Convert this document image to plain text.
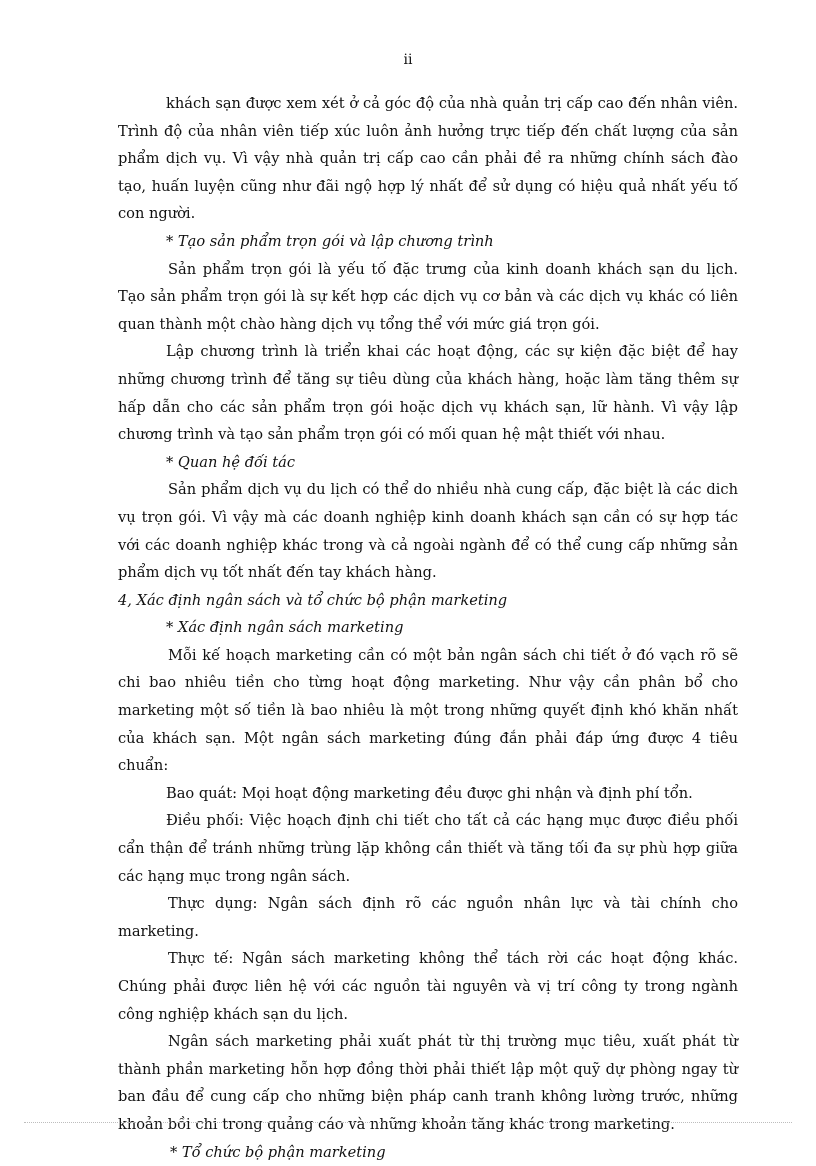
ii

khách sạn được xem xét ở cả góc độ của nhà quản trị cấp cao đến nhân viên. Trình độ của nhân viên tiếp xúc luôn ảnh hưởng trực tiếp đến chất lượng của sản phẩm dịch vụ. Vì vậy nhà quản trị cấp cao cần phải đề ra những chính sách đào tạo, huấn luyện cũng như đãi ngộ hợp lý nhất để sử dụng có hiệu quả nhất yếu tố con người.

* Tạo sản phẩm trọn gói và lập chương trình

Sản phẩm trọn gói là yếu tố đặc trưng của kinh doanh khách sạn du lịch. Tạo sản phẩm trọn gói là sự kết hợp các dịch vụ cơ bản và các dịch vụ khác có liên quan thành một chào hàng dịch vụ tổng thể với mức giá trọn gói.

Lập chương trình là triển khai các hoạt động, các sự kiện đặc biệt để hay những chương trình để tăng sự tiêu dùng của khách hàng, hoặc làm tăng thêm sự hấp dẫn cho các sản phẩm trọn gói hoặc dịch vụ khách sạn, lữ hành. Vì vậy lập chương trình và tạo sản phẩm trọn gói có mối quan hệ mật thiết với nhau.

* Quan hệ đối tác

Sản phẩm dịch vụ du lịch có thể do nhiều nhà cung cấp, đặc biệt là các dich vụ trọn gói. Vì vậy mà các doanh nghiệp kinh doanh khách sạn cần có sự hợp tác với các doanh nghiệp khác trong và cả ngoài ngành để có thể cung cấp những sản phẩm dịch vụ tốt nhất đến tay khách hàng.

4, Xác định ngân sách và tổ chức bộ phận marketing

* Xác định ngân sách marketing

Mỗi kế hoạch marketing cần có một bản ngân sách chi tiết ở đó vạch rõ sẽ chi bao nhiêu tiền cho từng hoạt động marketing. Như vậy cần phân bổ cho marketing một số tiền là bao nhiêu là một trong những quyết định khó khăn nhất của khách sạn. Một ngân sách marketing đúng đắn phải đáp ứng được 4 tiêu chuẩn:

Bao quát: Mọi hoạt động marketing đều được ghi nhận và định phí tổn.

Điều phối: Việc hoạch định chi tiết cho tất cả các hạng mục được điều phối cẩn thận để tránh những trùng lặp không cần thiết và tăng tối đa sự phù hợp giữa các hạng mục trong ngân sách.

Thực dụng: Ngân sách định rõ các nguồn nhân lực và tài chính cho marketing.

Thực tế: Ngân sách marketing không thể tách rời các hoạt động khác. Chúng phải được liên hệ với các nguồn tài nguyên và vị trí công ty trong ngành công nghiệp khách sạn du lịch.

Ngân sách marketing phải xuất phát từ thị trường mục tiêu, xuất phát từ thành phần marketing hỗn hợp đồng thời phải thiết lập một quỹ dự phòng ngay từ ban đầu để cung cấp cho những biện pháp canh tranh không lường trước, những khoản bồi chi trong quảng cáo và những khoản tăng khác trong marketing.

* Tổ chức bộ phận marketing
